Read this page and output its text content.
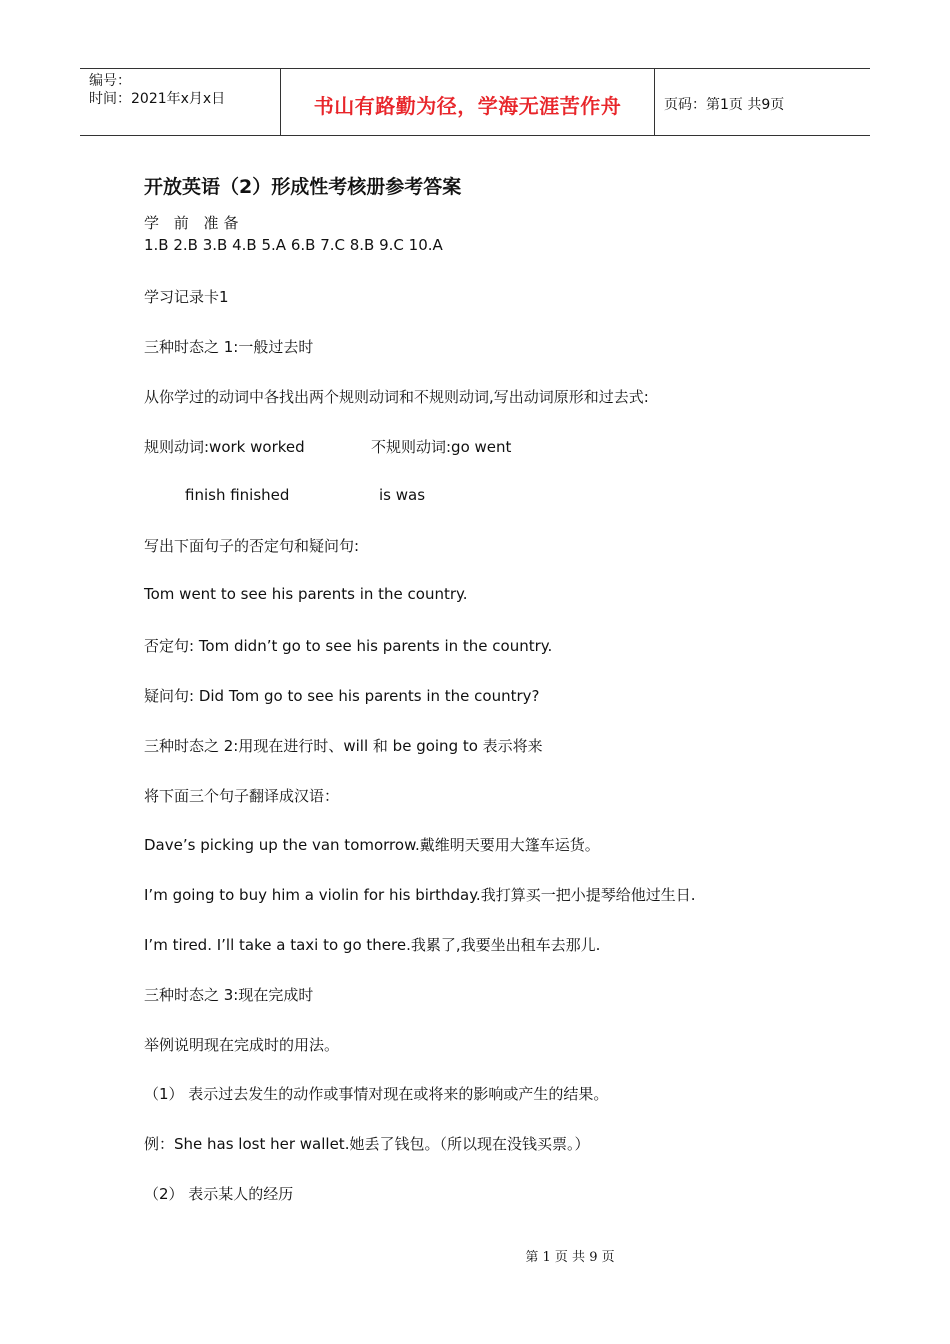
编号：
时间：2021年x月x日	书山有路勤为径，学海无涯苦作舟	页码：第1页 共9页
开放英语（2）形成性考核册参考答案
学 前 准备
1.B 2.B 3.B 4.B 5.A 6.B 7.C 8.B 9.C 10.A
学习记录卡1
三种时态之 1:一般过去时
从你学过的动词中各找出两个规则动词和不规则动词,写出动词原形和过去式:
规则动词:work worked	不规则动词:go went
finish finished	is was
写出下面句子的否定句和疑问句:
Tom went to see his parents in the country.
否定句: Tom didn’t go to see his parents in the country.
疑问句: Did Tom go to see his parents in the country?
三种时态之 2:用现在进行时、will 和 be going to 表示将来
将下面三个句子翻译成汉语：
Dave’s picking up the van tomorrow.戴维明天要用大篷车运货。
I’m going to buy him a violin for his birthday.我打算买一把小提琴给他过生日.
I’m tired. I’ll take a taxi to go there.我累了,我要坐出租车去那儿.
三种时态之 3:现在完成时
举例说明现在完成时的用法。
（1） 表示过去发生的动作或事情对现在或将来的影响或产生的结果。
例：She has lost her wallet.她丢了钱包。（所以现在没钱买票。）
（2） 表示某人的经历
第 1 页 共 9 页
